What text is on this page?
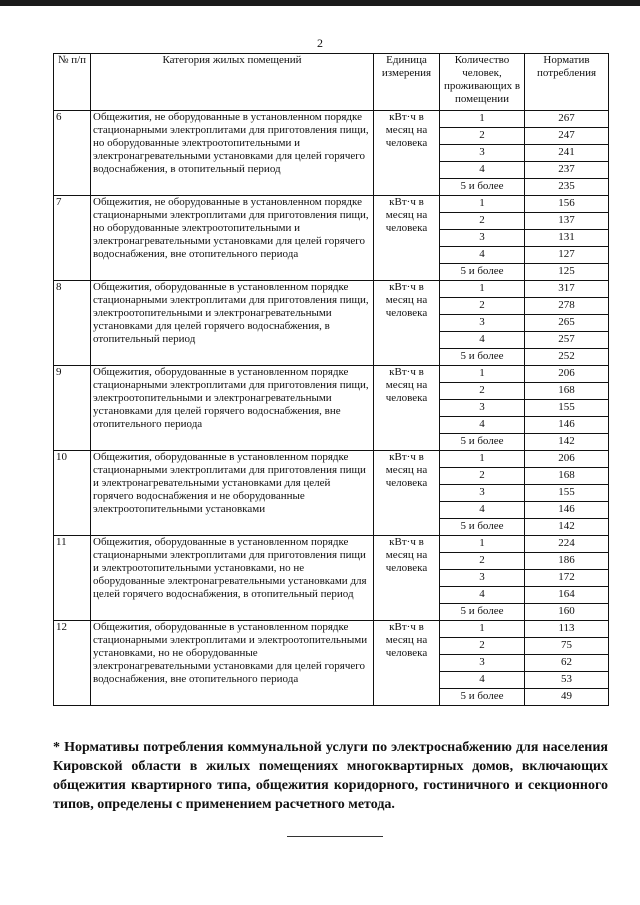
2
№ п/п	Категория жилых помещений	Единица измерения	Количество человек, проживающих в помещении	Норматив потребления
6	Общежития, не оборудованные в установленном порядке стационарными электроплитами для приготовления пищи, но оборудованные электроотопительными и электронагревательными установками для целей горячего водоснабжения, в отопительный период	кВт·ч в месяц на человека	1	267
			2	247
			3	241
			4	237
			5 и более	235
7	Общежития, не оборудованные в установленном порядке стационарными электроплитами для приготовления пищи, но оборудованные электроотопительными и электронагревательными установками для целей горячего водоснабжения, вне отопительного периода	кВт·ч в месяц на человека	1	156
			2	137
			3	131
			4	127
			5 и более	125
8	Общежития, оборудованные в установленном порядке стационарными электроплитами для приготовления пищи, электроотопительными и электронагревательными установками для целей горячего водоснабжения, в отопительный период	кВт·ч в месяц на человека	1	317
			2	278
			3	265
			4	257
			5 и более	252
9	Общежития, оборудованные в установленном порядке стационарными электроплитами для приготовления пищи, электроотопительными и электронагревательными установками для целей горячего водоснабжения, вне отопительного периода	кВт·ч в месяц на человека	1	206
			2	168
			3	155
			4	146
			5 и более	142
10	Общежития, оборудованные в установленном порядке стационарными электроплитами для приготовления пищи и электронагревательными установками для целей горячего водоснабжения и не оборудованные электроотопительными установками	кВт·ч в месяц на человека	1	206
			2	168
			3	155
			4	146
			5 и более	142
11	Общежития, оборудованные в установленном порядке стационарными электроплитами для приготовления пищи и электроотопительными установками, но не оборудованные электронагревательными установками для целей горячего водоснабжения, в отопительный период	кВт·ч в месяц на человека	1	224
			2	186
			3	172
			4	164
			5 и более	160
12	Общежития, оборудованные в установленном порядке стационарными электроплитами и электроотопительными установками, но не оборудованные электронагревательными установками для целей горячего водоснабжения, вне отопительного периода	кВт·ч в месяц на человека	1	113
			2	75
			3	62
			4	53
			5 и более	49
* Нормативы потребления коммунальной услуги по электроснабжению для населения Кировской области в жилых помещениях многоквартирных домов, включающих общежития квартирного типа, общежития коридорного, гостиничного и секционного типов, определены с применением расчетного метода.
